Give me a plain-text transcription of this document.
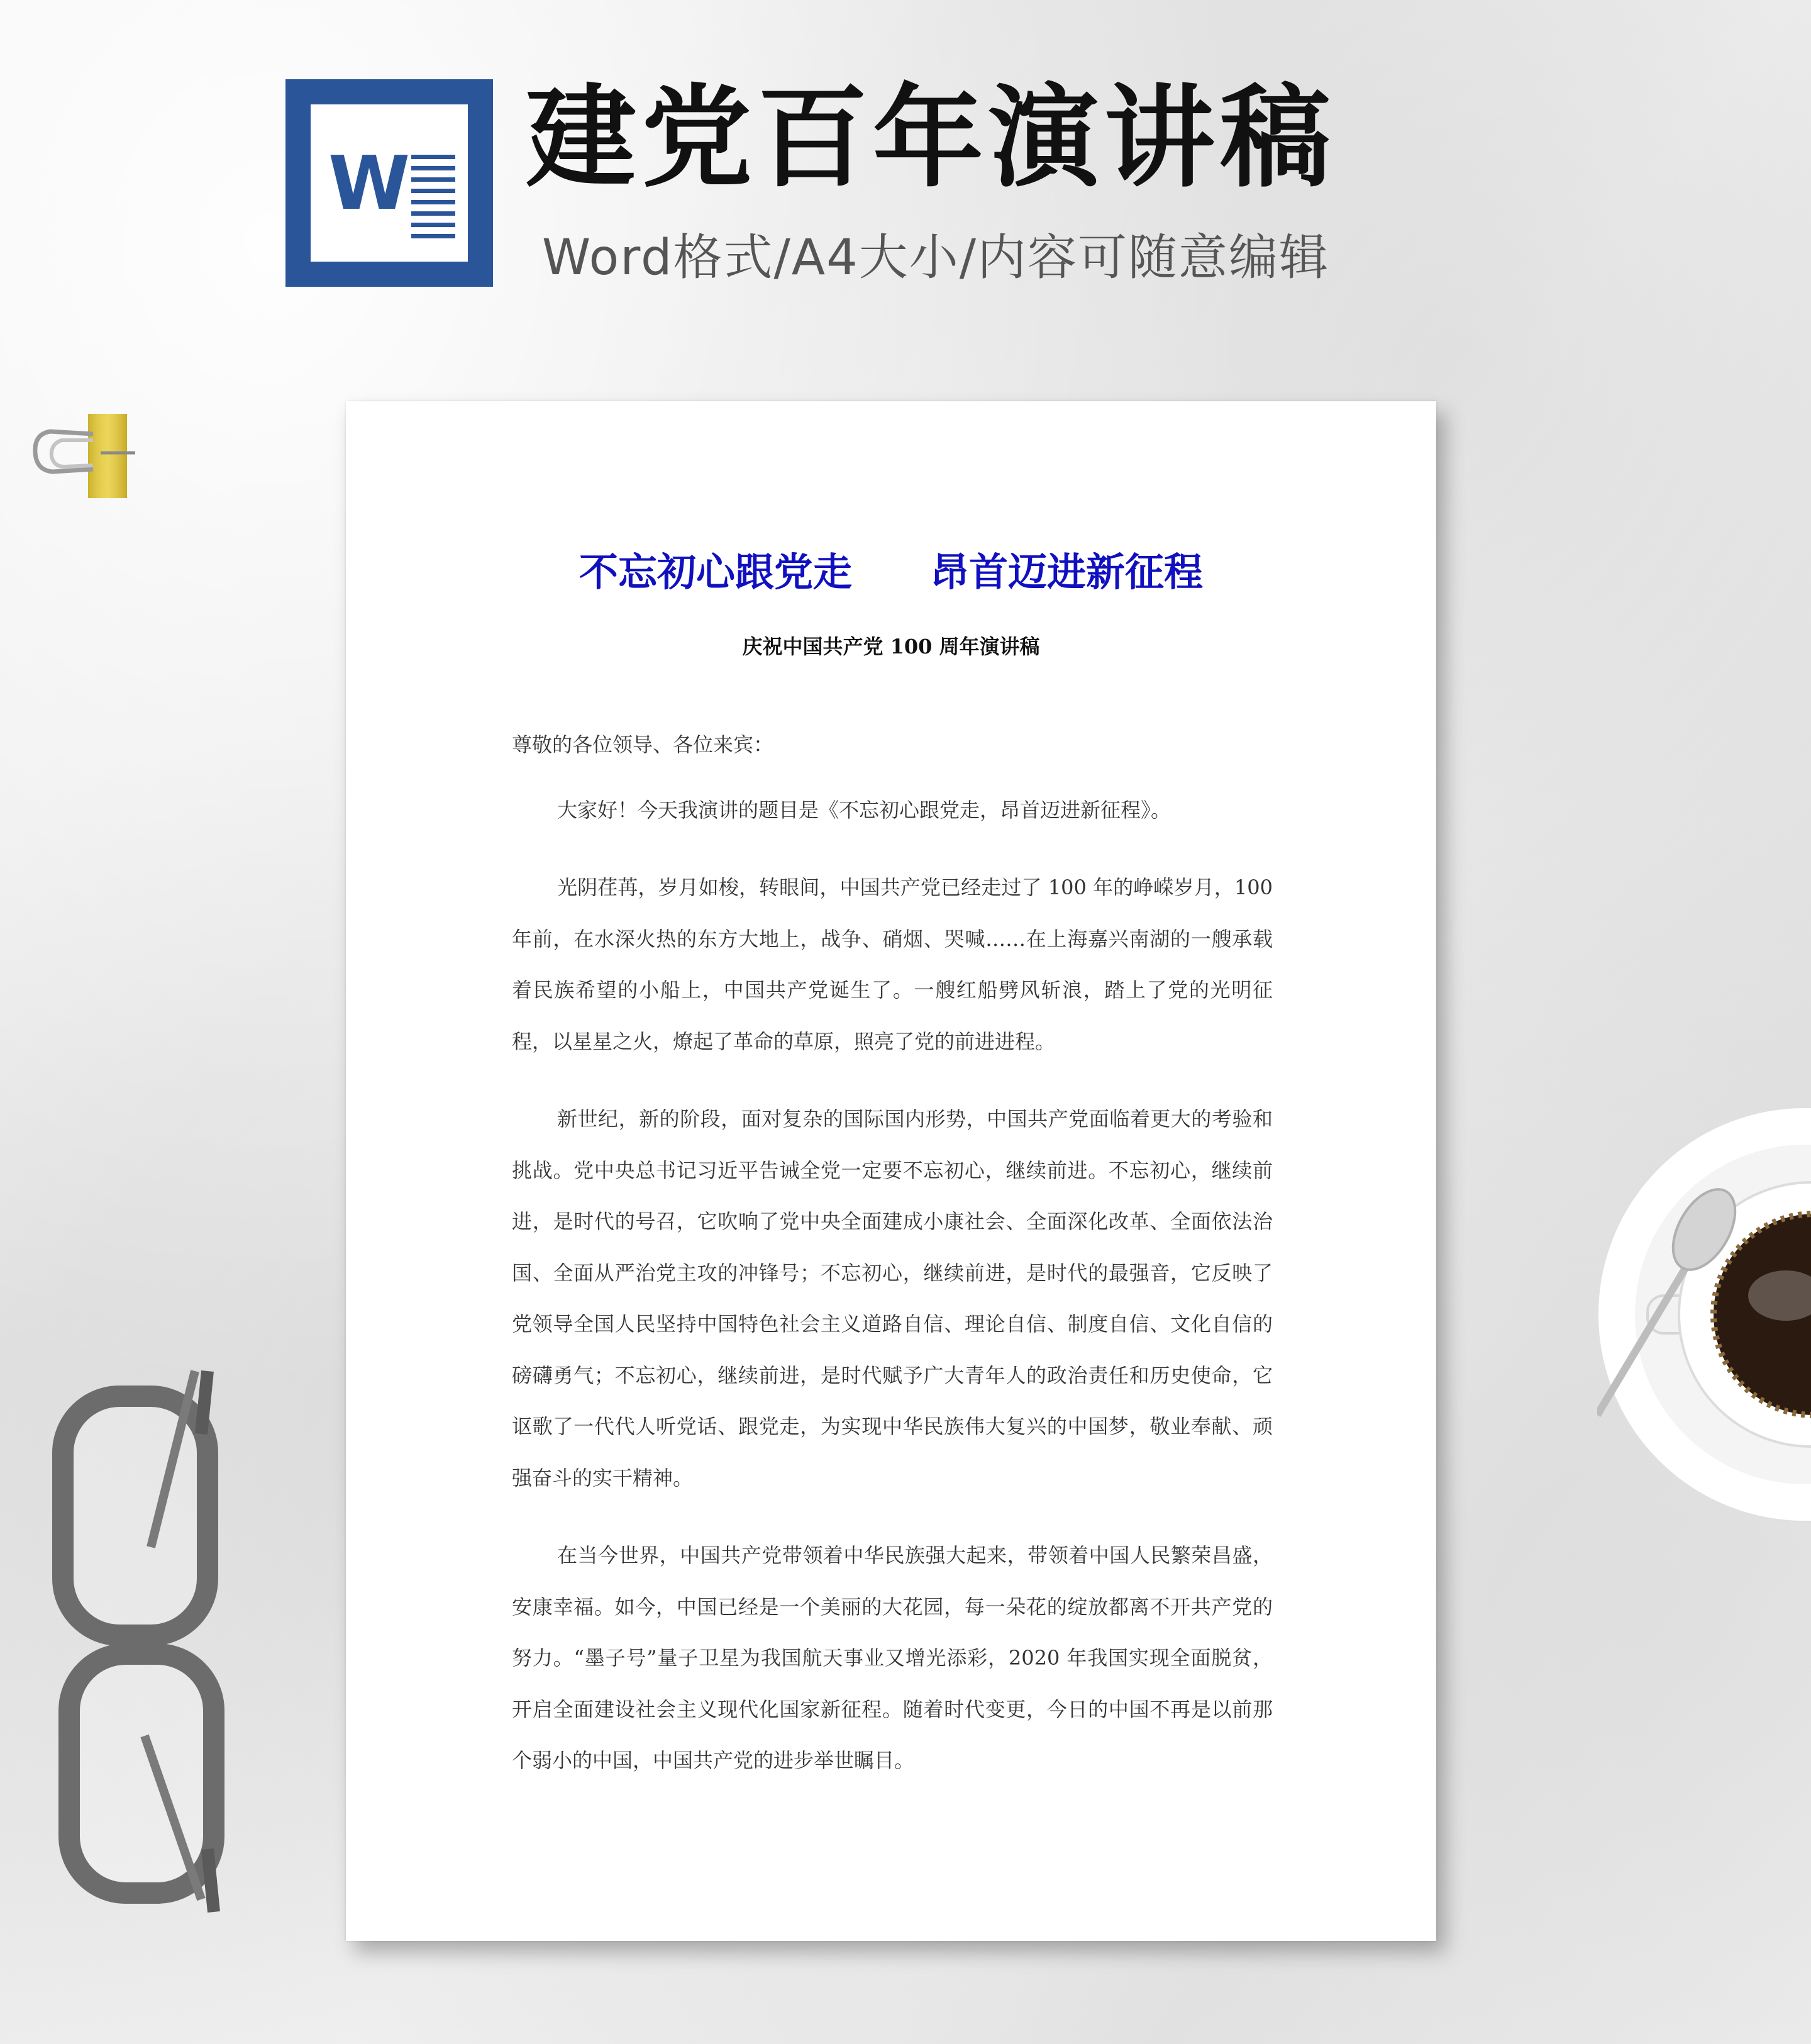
W 建党百年演讲稿
Word格式/A4大小/内容可随意编辑
不忘初心跟党走　　昂首迈进新征程
庆祝中国共产党 100 周年演讲稿

尊敬的各位领导、各位来宾：

大家好！今天我演讲的题目是《不忘初心跟党走，昂首迈进新征程》。

光阴荏苒，岁月如梭，转眼间，中国共产党已经走过了 100 年的峥嵘岁月，100 年前，在水深火热的东方大地上，战争、硝烟、哭喊……在上海嘉兴南湖的一艘承载着民族希望的小船上，中国共产党诞生了。一艘红船劈风斩浪，踏上了党的光明征程，以星星之火，燎起了革命的草原，照亮了党的前进进程。

新世纪，新的阶段，面对复杂的国际国内形势，中国共产党面临着更大的考验和挑战。党中央总书记习近平告诫全党一定要不忘初心，继续前进。不忘初心，继续前进，是时代的号召，它吹响了党中央全面建成小康社会、全面深化改革、全面依法治国、全面从严治党主攻的冲锋号；不忘初心，继续前进，是时代的最强音，它反映了党领导全国人民坚持中国特色社会主义道路自信、理论自信、制度自信、文化自信的磅礴勇气；不忘初心，继续前进，是时代赋予广大青年人的政治责任和历史使命，它讴歌了一代代人听党话、跟党走，为实现中华民族伟大复兴的中国梦，敬业奉献、顽强奋斗的实干精神。

在当今世界，中国共产党带领着中华民族强大起来，带领着中国人民繁荣昌盛，安康幸福。如今，中国已经是一个美丽的大花园，每一朵花的绽放都离不开共产党的努力。“墨子号”量子卫星为我国航天事业又增光添彩，2020 年我国实现全面脱贫，开启全面建设社会主义现代化国家新征程。随着时代变更，今日的中国不再是以前那个弱小的中国，中国共产党的进步举世瞩目。
